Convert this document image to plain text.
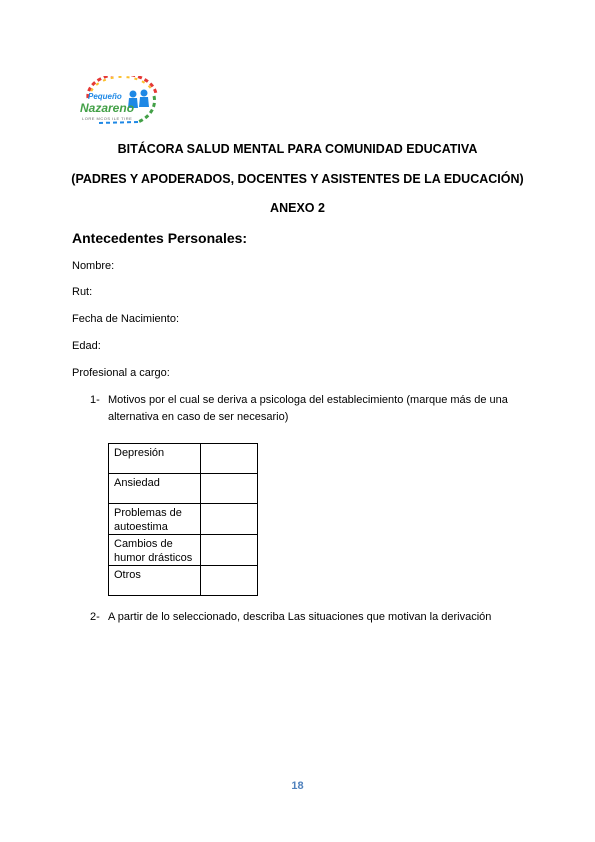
Pequeño
Nazareno
LORE MCOS ILE TIRE
BITÁCORA SALUD MENTAL PARA COMUNIDAD EDUCATIVA
(PADRES Y APODERADOS, DOCENTES Y ASISTENTES DE LA EDUCACIÓN)
ANEXO 2
Antecedentes Personales:
Nombre:
Rut:
Fecha de Nacimiento:
Edad:
Profesional a cargo:
1- Motivos por el cual se deriva a psicologa del establecimiento (marque más de una alternativa en caso de ser necesario)
Depresión	
Ansiedad	
Problemas de autoestima	
Cambios de humor drásticos	
Otros	
2- A partir de lo seleccionado, describa Las situaciones que motivan la derivación
18
